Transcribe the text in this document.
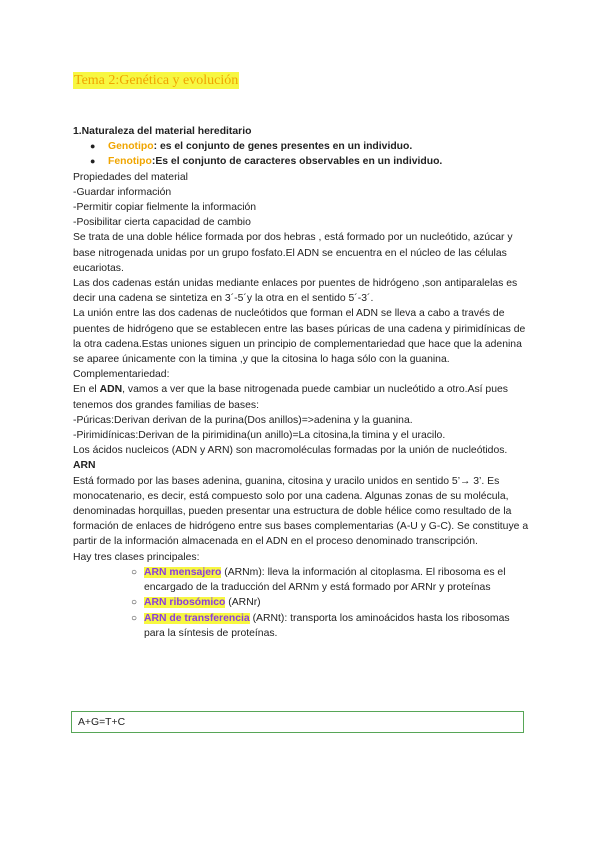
Tema 2:Genética y evolución

1.Naturaleza del material hereditario

● Genotipo: es el conjunto de genes presentes en un individuo.
● Fenotipo:Es el conjunto de caracteres observables en un individuo.

Propiedades del material

-Guardar información

-Permitir copiar fielmente la información

-Posibilitar cierta capacidad de cambio

Se trata de una doble hélice formada por dos hebras , está formado por un nucleótido, azúcar y base nitrogenada unidas por un grupo fosfato.El ADN se encuentra en el núcleo de las células eucariotas.

Las dos cadenas están unidas mediante enlaces por puentes de hidrógeno ,son antiparalelas es decir una cadena se sintetiza en 3´-5´y la otra en el sentido 5´-3´.

La unión entre las dos cadenas de nucleótidos que forman el ADN se lleva a cabo a través de puentes de hidrógeno que se establecen entre las bases púricas de una cadena y pirimidínicas de la otra cadena.Estas uniones siguen un principio de complementariedad que hace que la adenina se aparee únicamente con la timina ,y que la citosina lo haga sólo con la guanina.

Complementariedad:

En el ADN, vamos a ver que la base nitrogenada puede cambiar un nucleótido a otro.Así pues tenemos dos grandes familias de bases:

-Púricas:Derivan derivan de la purina(Dos anillos)=>adenina y la guanina.

-Pirimidínicas:Derivan de la pirimidina(un anillo)=La citosina,la timina y el uracilo.

Los ácidos nucleicos (ADN y ARN) son macromoléculas formadas por la unión de nucleótidos.

ARN

Está formado por las bases adenina, guanina, citosina y uracilo unidos en sentido 5’→ 3’. Es monocatenario, es decir, está compuesto solo por una cadena. Algunas zonas de su molécula, denominadas horquillas, pueden presentar una estructura de doble hélice como resultado de la formación de enlaces de hidrógeno entre sus bases complementarias (A-U y G-C). Se constituye a partir de la información almacenada en el ADN en el proceso denominado transcripción.

Hay tres clases principales:

○ ARN mensajero (ARNm): lleva la información al citoplasma. El ribosoma es el encargado de la traducción del ARNm y está formado por ARNr y proteínas
○ ARN ribosómico (ARNr)
○ ARN de transferencia (ARNt): transporta los aminoácidos hasta los ribosomas para la síntesis de proteínas.
A+G=T+C
